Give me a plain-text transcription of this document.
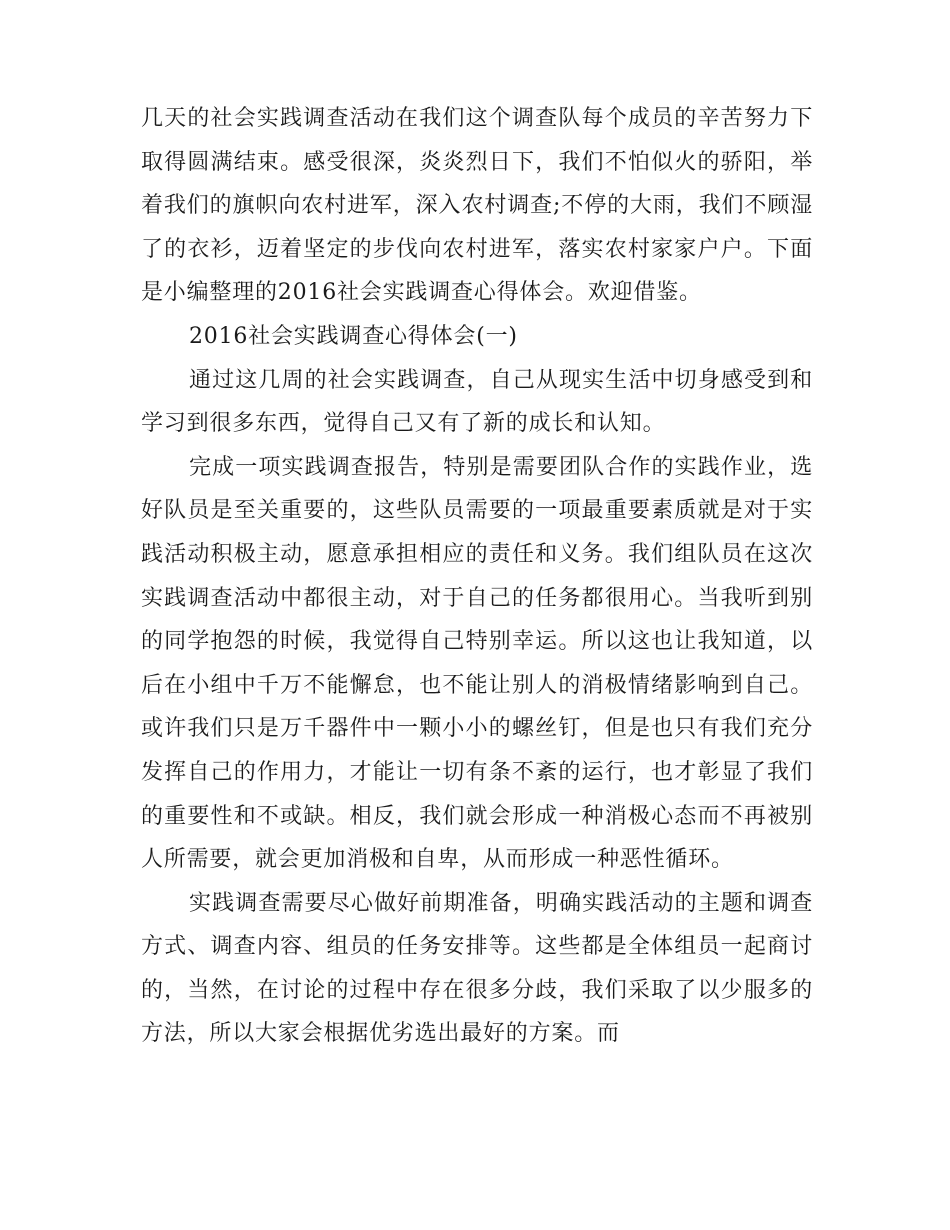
几天的社会实践调查活动在我们这个调查队每个成员的辛苦努力下取得圆满结束。感受很深，炎炎烈日下，我们不怕似火的骄阳，举着我们的旗帜向农村进军，深入农村调查;不停的大雨，我们不顾湿了的衣衫，迈着坚定的步伐向农村进军，落实农村家家户户。下面是小编整理的2016社会实践调查心得体会。欢迎借鉴。

2016社会实践调查心得体会(一)

通过这几周的社会实践调查，自己从现实生活中切身感受到和学习到很多东西，觉得自己又有了新的成长和认知。

完成一项实践调查报告，特别是需要团队合作的实践作业，选好队员是至关重要的，这些队员需要的一项最重要素质就是对于实践活动积极主动，愿意承担相应的责任和义务。我们组队员在这次实践调查活动中都很主动，对于自己的任务都很用心。当我听到别的同学抱怨的时候，我觉得自己特别幸运。所以这也让我知道，以后在小组中千万不能懈怠，也不能让别人的消极情绪影响到自己。或许我们只是万千器件中一颗小小的螺丝钉，但是也只有我们充分发挥自己的作用力，才能让一切有条不紊的运行，也才彰显了我们的重要性和不或缺。相反，我们就会形成一种消极心态而不再被别人所需要，就会更加消极和自卑，从而形成一种恶性循环。

实践调查需要尽心做好前期准备，明确实践活动的主题和调查方式、调查内容、组员的任务安排等。这些都是全体组员一起商讨的，当然，在讨论的过程中存在很多分歧，我们采取了以少服多的方法，所以大家会根据优劣选出最好的方案。而
